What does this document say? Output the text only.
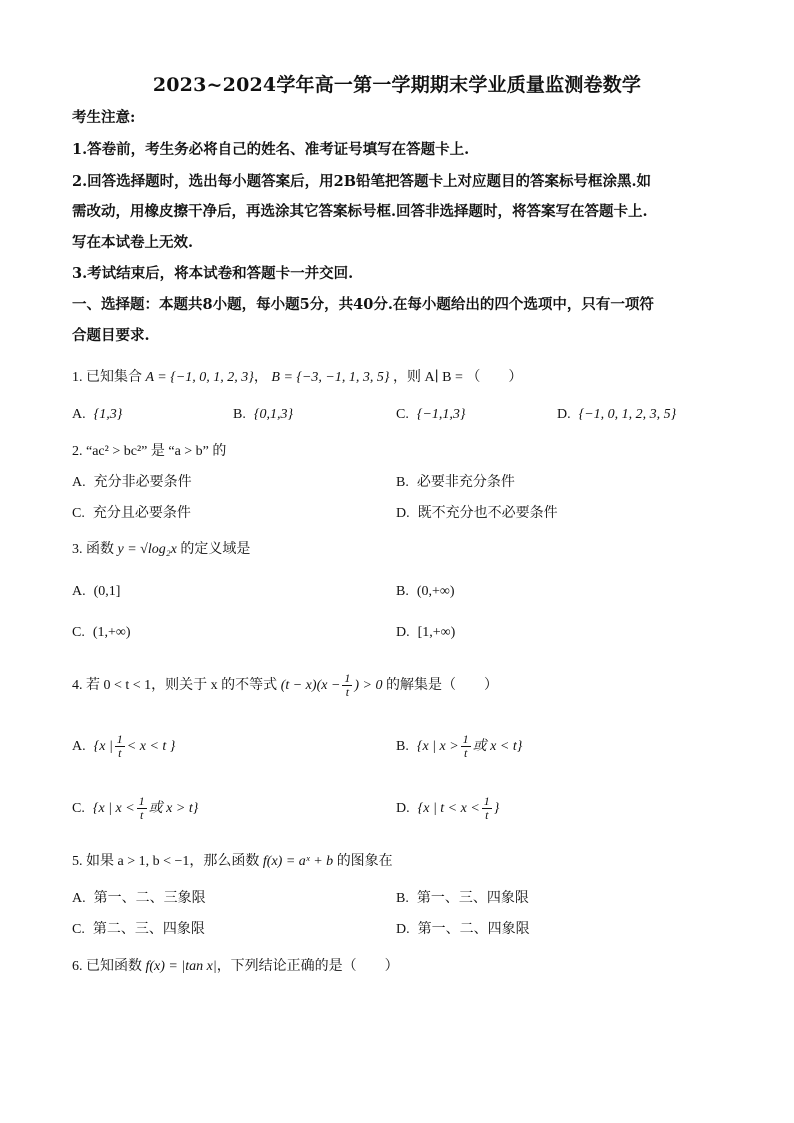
2023~2024学年高一第一学期期末学业质量监测卷数学
考生注意:
1.答卷前，考生务必将自己的姓名、准考证号填写在答题卡上.
2.回答选择题时，选出每小题答案后，用2B铅笔把答题卡上对应题目的答案标号框涂黑.如
需改动，用橡皮擦干净后，再选涂其它答案标号框.回答非选择题时，将答案写在答题卡上.
写在本试卷上无效.
3.考试结束后，将本试卷和答题卡一并交回.
一、选择题：本题共8小题，每小题5分，共40分.在每小题给出的四个选项中，只有一项符
合题目要求.
1. 已知集合 A = {−1, 0, 1, 2, 3}， B = {−3, −1, 1, 3, 5} ，则 A∣ B = （　　）
A. {1,3}	B. {0,1,3}	C. {−1,1,3}	D. {−1, 0, 1, 2, 3, 5}
2. “ac² > bc²” 是 “a > b” 的
A. 充分非必要条件	B. 必要非充分条件
C. 充分且必要条件	D. 既不充分也不必要条件
3. 函数 y = √log₂x 的定义域是
A. (0,1]	B. (0,+∞)
C. (1,+∞)	D. [1,+∞)
4. 若 0 < t < 1，则关于 x 的不等式 $(t - x)(x - \frac{1}{t}$ ) > 0 的解集是（　　）
A. {x | $\frac{1}{t} < x < t$ }	B. {x | $x > \frac{1}{t}$ 或 x < t}
C. {x | $x < \frac{1}{t}$ 或 x > t}	D. {x | $t < x < \frac{1}{t}$ }
5. 如果 a > 1, b < −1，那么函数 f(x) = aˣ + b 的图象在
A. 第一、二、三象限	B. 第一、三、四象限
C. 第二、三、四象限	D. 第一、二、四象限
6. 已知函数 f(x) = |tan x|，下列结论正确的是（　　）
